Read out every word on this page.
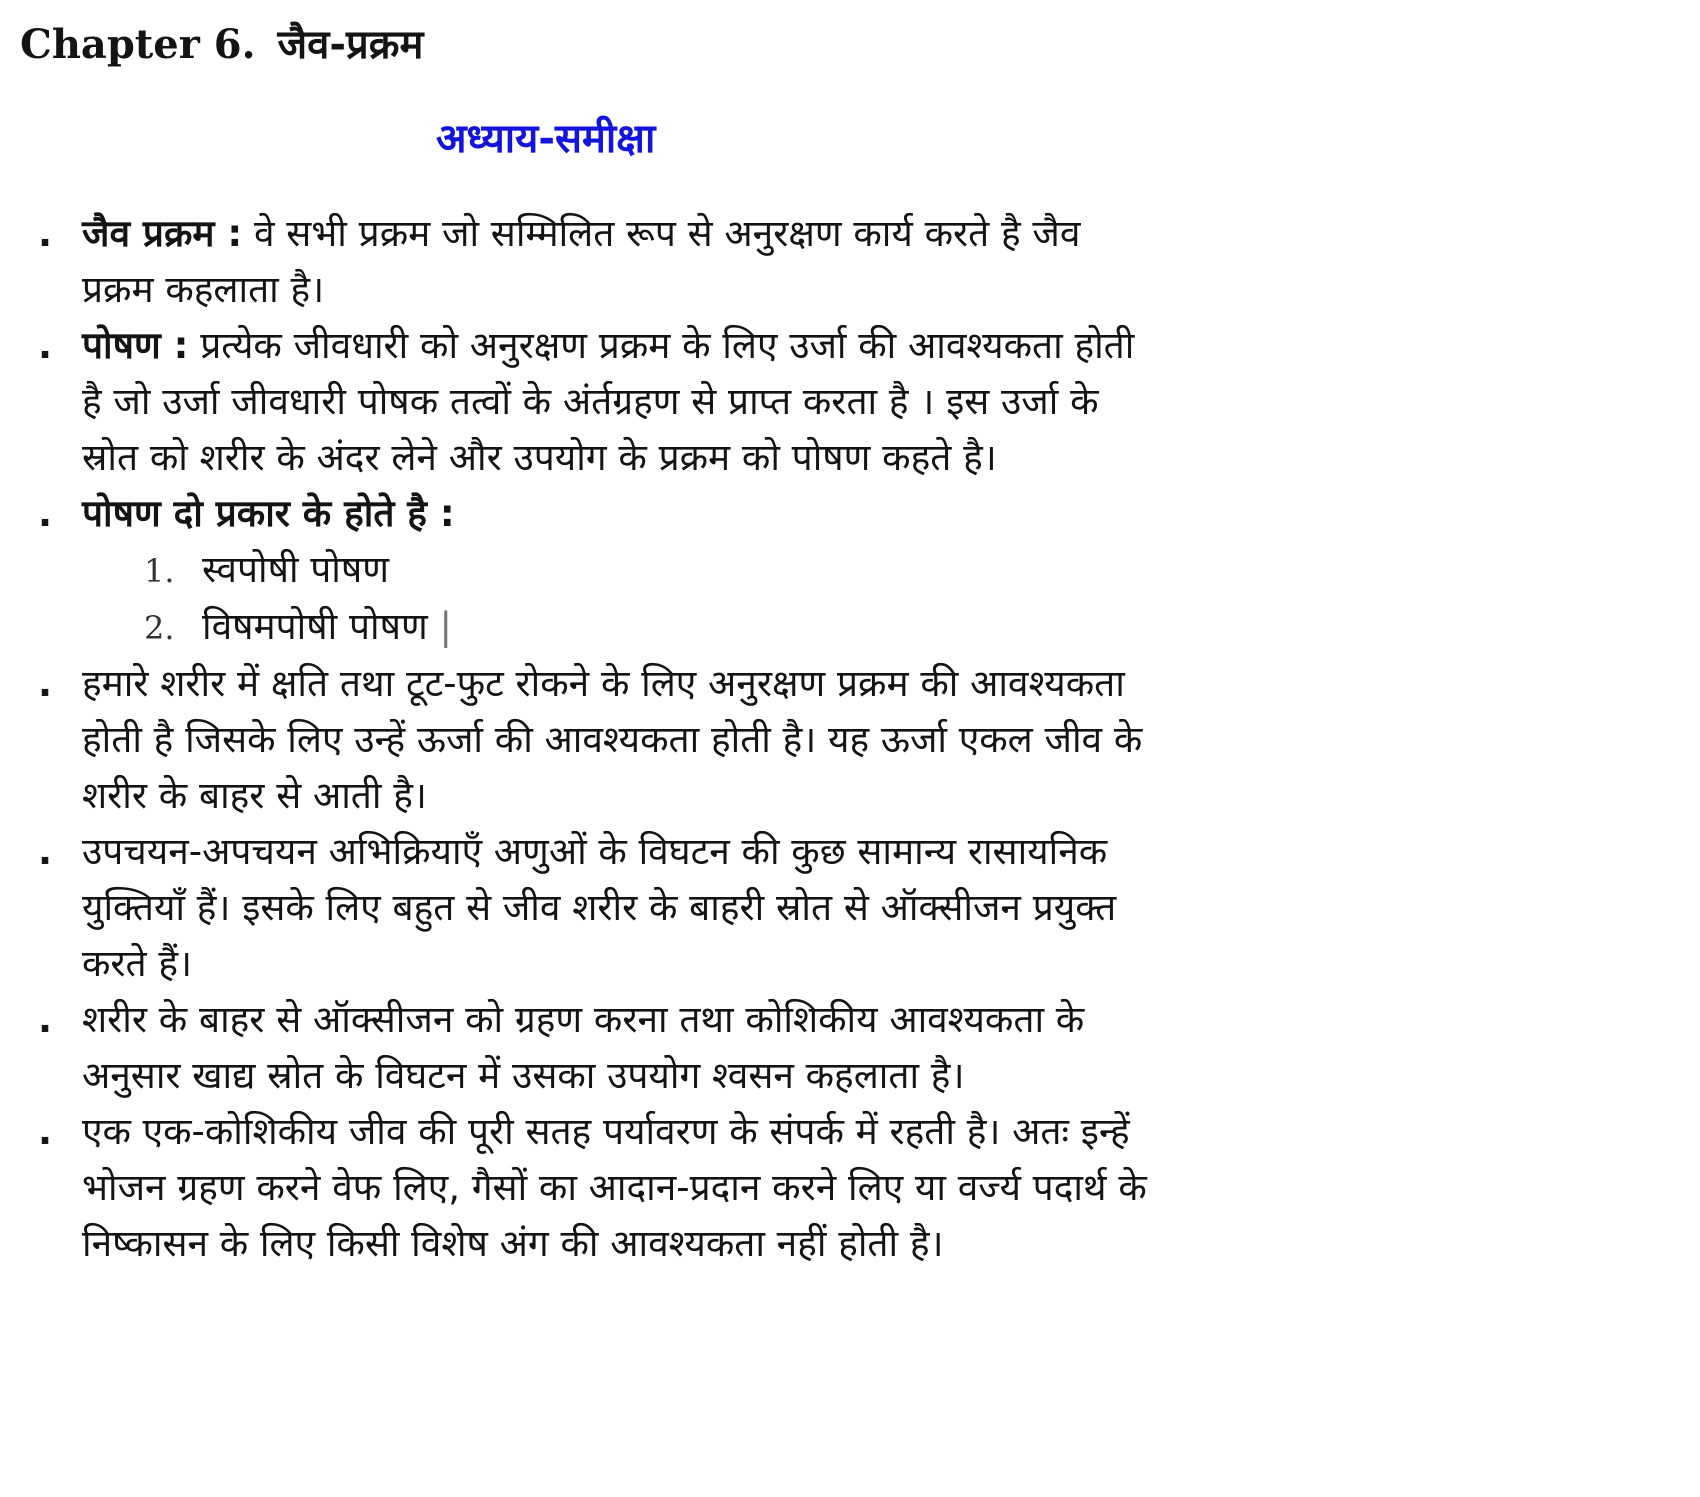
Chapter 6. जैव-प्रक्रम
अध्याय-समीक्षा
. जैव प्रक्रम : वे सभी प्रक्रम जो सम्मिलित रूप से अनुरक्षण कार्य करते है जैव प्रक्रम कहलाता है।
. पोषण : प्रत्येक जीवधारी को अनुरक्षण प्रक्रम के लिए उर्जा की आवश्यकता होती है जो उर्जा जीवधारी पोषक तत्वों के अंर्तग्रहण से प्राप्त करता है । इस उर्जा के स्रोत को शरीर के अंदर लेने और उपयोग के प्रक्रम को पोषण कहते है।
. पोषण दो प्रकार के होते है :
1. स्वपोषी पोषण
2. विषमपोषी पोषण |
. हमारे शरीर में क्षति तथा टूट-फुट रोकने के लिए अनुरक्षण प्रक्रम की आवश्यकता होती है जिसके लिए उन्हें ऊर्जा की आवश्यकता होती है। यह ऊर्जा एकल जीव के शरीर के बाहर से आती है।
. उपचयन-अपचयन अभिक्रियाएँ अणुओं के विघटन की कुछ सामान्य रासायनिक युक्तियाँ हैं। इसके लिए बहुत से जीव शरीर के बाहरी स्रोत से ऑक्सीजन प्रयुक्त करते हैं।
. शरीर के बाहर से ऑक्सीजन को ग्रहण करना तथा कोशिकीय आवश्यकता के अनुसार खाद्य स्रोत के विघटन में उसका उपयोग श्वसन कहलाता है।
. एक एक-कोशिकीय जीव की पूरी सतह पर्यावरण के संपर्क में रहती है। अतः इन्हें भोजन ग्रहण करने वेफ लिए, गैसों का आदान-प्रदान करने लिए या वर्ज्य पदार्थ के निष्कासन के लिए किसी विशेष अंग की आवश्यकता नहीं होती है।
